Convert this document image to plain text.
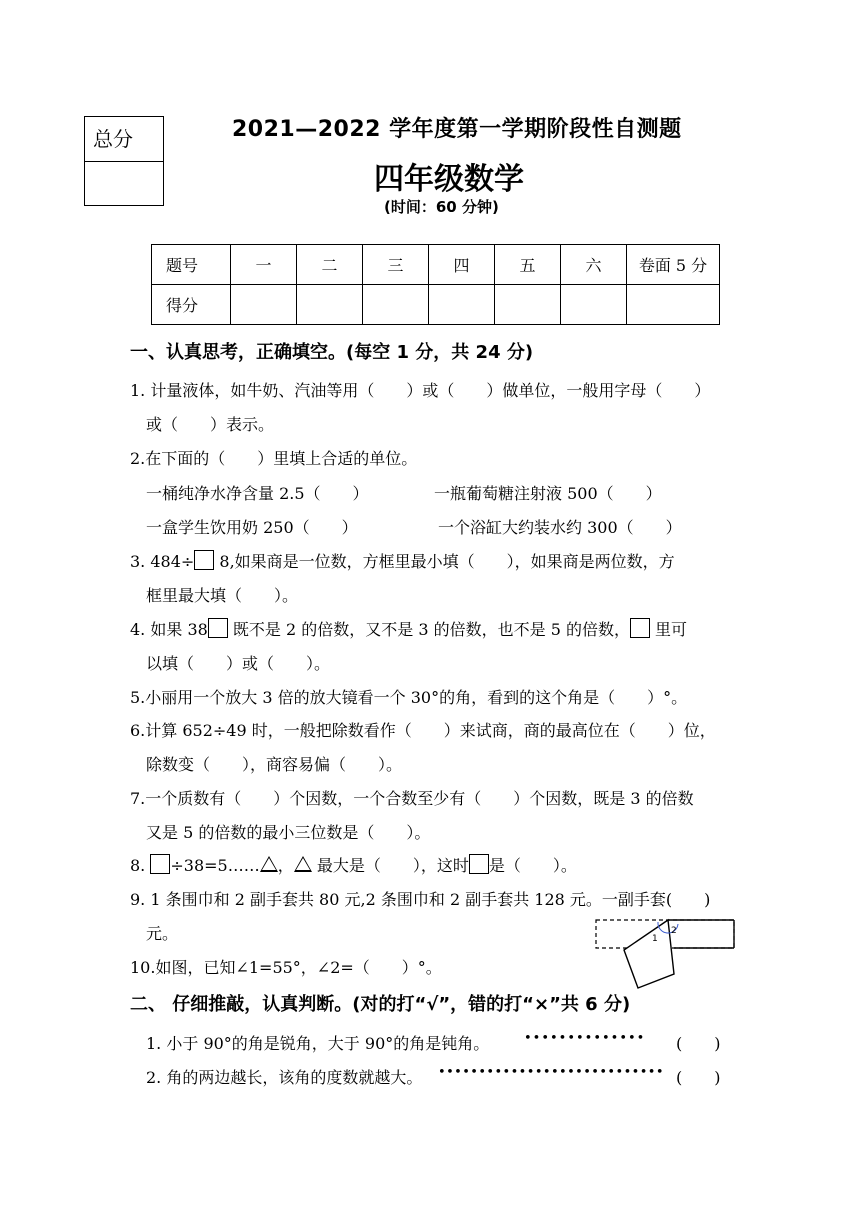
总分	2021—2022 学年度第一学期阶段性自测题
四年级数学
(时间：60 分钟)
题号	一	二	三	四	五	六	卷面 5 分
得分							
一、认真思考，正确填空。(每空 1 分，共 24 分)
1. 计量液体，如牛奶、汽油等用（　　）或（　　）做单位，一般用字母（　　）
或（　　）表示。
2.在下面的（　　）里填上合适的单位。
一桶纯净水净含量 2.5（　　）	一瓶葡萄糖注射液 500（　　）
一盒学生饮用奶 250（　　）	一个浴缸大约装水约 300（　　）
3. 484÷ 8,如果商是一位数，方框里最小填（　　），如果商是两位数，方
框里最大填（　　）。
4. 如果 38 既不是 2 的倍数，又不是 3 的倍数，也不是 5 的倍数， 里可
以填（　　）或（　　）。
5.小丽用一个放大 3 倍的放大镜看一个 30°的角，看到的这个角是（　　）°。
6.计算 652÷49 时，一般把除数看作（　　）来试商，商的最高位在（　　）位，
除数变（　　），商容易偏（　　）。
7.一个质数有（　　）个因数，一个合数至少有（　　）个因数，既是 3 的倍数
又是 5 的倍数的最小三位数是（　　）。
8. ÷38=5…… ， 最大是（　　），这时 是（　　）。
9. 1 条围巾和 2 副手套共 80 元,2 条围巾和 2 副手套共 128 元。一副手套(　　)
元。
10.如图，已知∠1=55°，∠2=（　　）°。
1
2
二、 仔细推敲，认真判断。(对的打“√”，错的打“×”共 6 分)
1. 小于 90°的角是锐角，大于 90°的角是钝角。	•••••••••••••• (　　)
2. 角的两边越长，该角的度数就越大。 •••••••••••••••••••••••••••• (　　)
